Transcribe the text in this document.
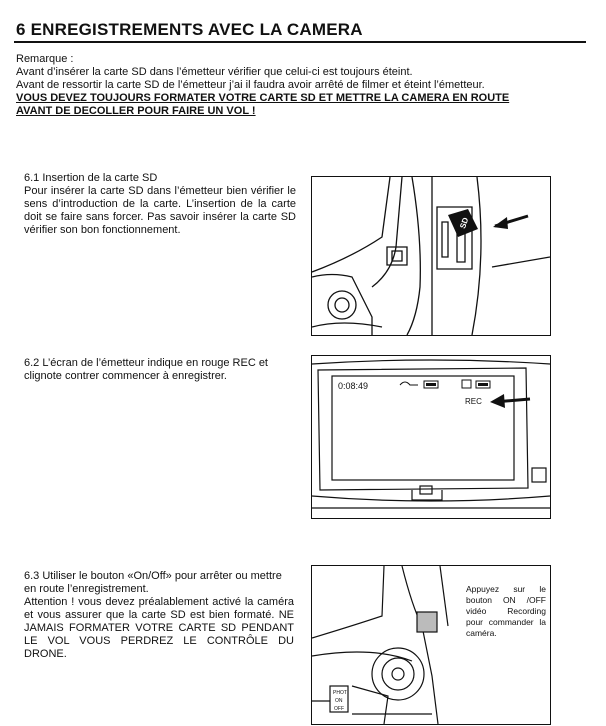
6 ENREGISTREMENTS AVEC LA CAMERA
Remarque :
Avant d’insérer la carte SD dans l’émetteur vérifier que celui-ci est toujours éteint.
Avant de ressortir la carte SD de l’émetteur j’ai il faudra avoir arrêté de filmer et éteint l’émetteur.
VOUS DEVEZ TOUJOURS FORMATER VOTRE CARTE SD ET METTRE LA CAMERA EN ROUTE
AVANT DE DECOLLER POUR FAIRE UN VOL !
6.1 Insertion de la carte SD
Pour insérer la carte SD dans l’émetteur bien vérifier le sens d’introduction de la carte. L’insertion de la carte doit se faire sans forcer. Pas savoir insérer la carte SD vérifier son bon fonctionnement.
SD
6.2 L’écran de l’émetteur indique en rouge REC et clignote contrer commencer à enregistrer.
0:08:49
REC
6.3 Utiliser le bouton «On/Off» pour arrêter ou mettre en route l’enregistrement.
Attention ! vous devez préalablement activé la caméra et vous assurer que la carte SD est bien formaté. NE JAMAIS FORMATER VOTRE CARTE SD PENDANT LE VOL VOUS PERDREZ LE CONTRÔLE DU DRONE.
PHOT
ON
OFF
Appuyez sur le bouton ON /OFF vidéo Recording pour commander la caméra.
